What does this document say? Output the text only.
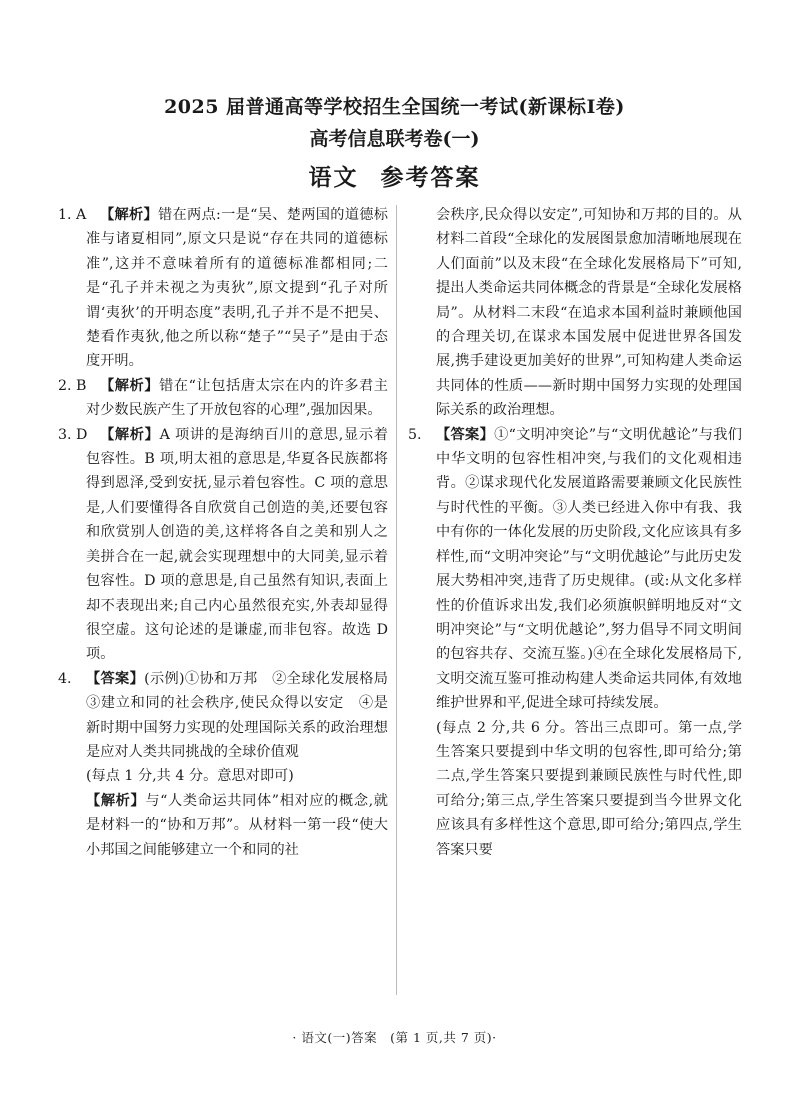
2025 届普通高等学校招生全国统一考试(新课标Ⅰ卷)
高考信息联考卷(一)
语文 参考答案

1. A 【解析】错在两点:一是“吴、楚两国的道德标准与诸夏相同”,原文只是说“存在共同的道德标准”,这并不意味着所有的道德标准都相同;二是“孔子并未视之为夷狄”,原文提到“孔子对所谓‘夷狄’的开明态度”表明,孔子并不是不把吴、楚看作夷狄,他之所以称“楚子”“吴子”是由于态度开明。

2. B 【解析】错在“让包括唐太宗在内的许多君主对少数民族产生了开放包容的心理”,强加因果。

3. D 【解析】A 项讲的是海纳百川的意思,显示着包容性。B 项,明太祖的意思是,华夏各民族都将得到恩泽,受到安抚,显示着包容性。C 项的意思是,人们要懂得各自欣赏自己创造的美,还要包容和欣赏别人创造的美,这样将各自之美和别人之美拼合在一起,就会实现理想中的大同美,显示着包容性。D 项的意思是,自己虽然有知识,表面上却不表现出来;自己内心虽然很充实,外表却显得很空虚。这句论述的是谦虚,而非包容。故选 D 项。

4. 【答案】(示例)①协和万邦　②全球化发展格局　③建立和同的社会秩序,使民众得以安定　④是新时期中国努力实现的处理国际关系的政治理想 是应对人类共同挑战的全球价值观

(每点 1 分,共 4 分。意思对即可)

【解析】与“人类命运共同体”相对应的概念,就是材料一的“协和万邦”。从材料一第一段“使大小邦国之间能够建立一个和同的社

会秩序,民众得以安定”,可知协和万邦的目的。从材料二首段“全球化的发展图景愈加清晰地展现在人们面前”以及末段“在全球化发展格局下”可知,提出人类命运共同体概念的背景是“全球化发展格局”。从材料二末段“在追求本国利益时兼顾他国的合理关切,在谋求本国发展中促进世界各国发展,携手建设更加美好的世界”,可知构建人类命运共同体的性质——新时期中国努力实现的处理国际关系的政治理想。

5. 【答案】①“文明冲突论”与“文明优越论”与我们中华文明的包容性相冲突,与我们的文化观相违背。②谋求现代化发展道路需要兼顾文化民族性与时代性的平衡。③人类已经进入你中有我、我中有你的一体化发展的历史阶段,文化应该具有多样性,而“文明冲突论”与“文明优越论”与此历史发展大势相冲突,违背了历史规律。(或:从文化多样性的价值诉求出发,我们必须旗帜鲜明地反对“文明冲突论”与“文明优越论”,努力倡导不同文明间的包容共存、交流互鉴。)④在全球化发展格局下,文明交流互鉴可推动构建人类命运共同体,有效地维护世界和平,促进全球可持续发展。

(每点 2 分,共 6 分。答出三点即可。第一点,学生答案只要提到中华文明的包容性,即可给分;第二点,学生答案只要提到兼顾民族性与时代性,即可给分;第三点,学生答案只要提到当今世界文化应该具有多样性这个意思,即可给分;第四点,学生答案只要

· 语文(一)答案　(第 1 页,共 7 页)·
